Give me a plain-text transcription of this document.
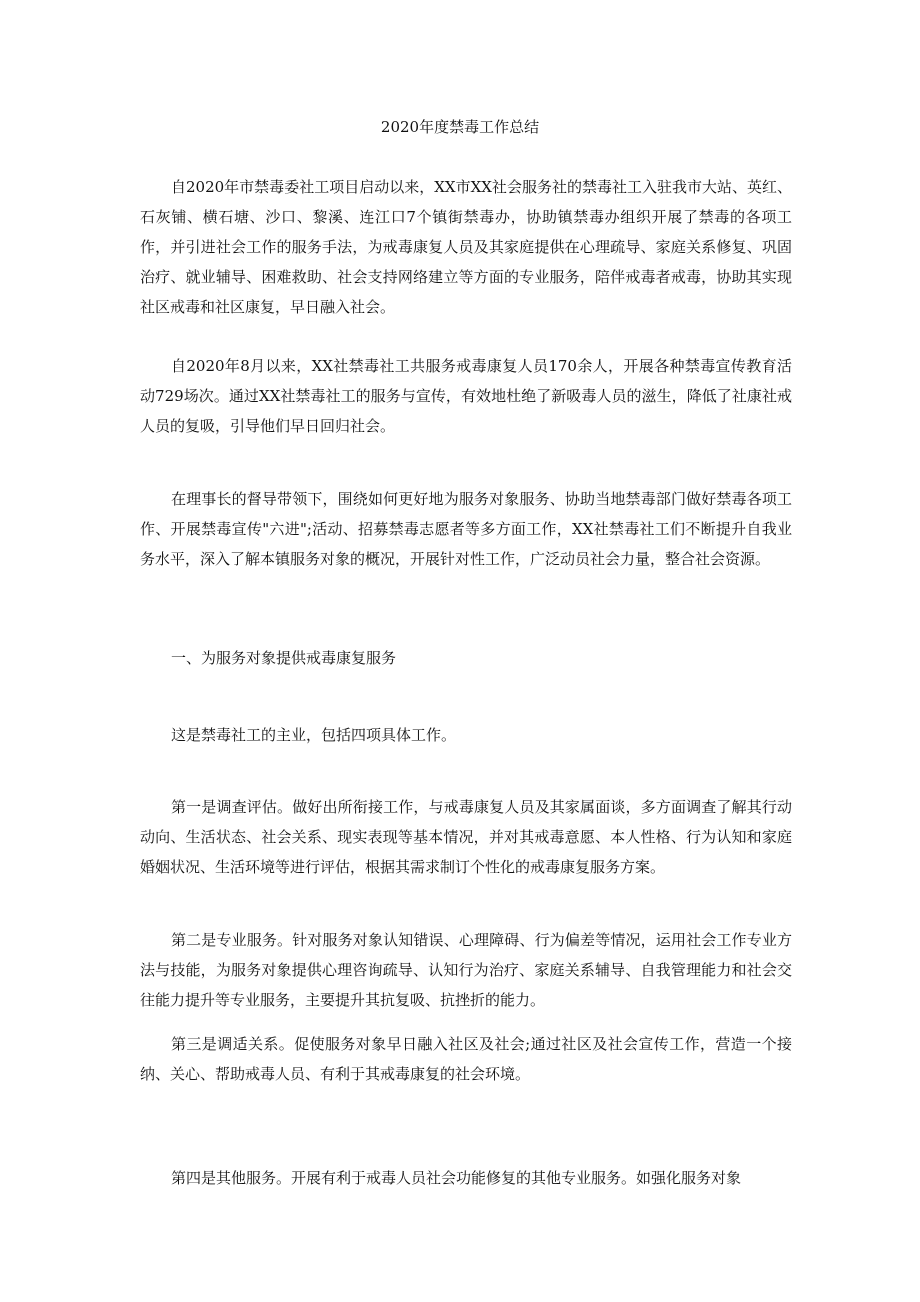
2020年度禁毒工作总结

自2020年市禁毒委社工项目启动以来，XX市XX社会服务社的禁毒社工入驻我市大站、英红、石灰铺、横石塘、沙口、黎溪、连江口7个镇街禁毒办，协助镇禁毒办组织开展了禁毒的各项工作，并引进社会工作的服务手法，为戒毒康复人员及其家庭提供在心理疏导、家庭关系修复、巩固治疗、就业辅导、困难救助、社会支持网络建立等方面的专业服务，陪伴戒毒者戒毒，协助其实现社区戒毒和社区康复，早日融入社会。

自2020年8月以来，XX社禁毒社工共服务戒毒康复人员170余人，开展各种禁毒宣传教育活动729场次。通过XX社禁毒社工的服务与宣传，有效地杜绝了新吸毒人员的滋生，降低了社康社戒人员的复吸，引导他们早日回归社会。

在理事长的督导带领下，围绕如何更好地为服务对象服务、协助当地禁毒部门做好禁毒各项工作、开展禁毒宣传"六进";活动、招募禁毒志愿者等多方面工作，XX社禁毒社工们不断提升自我业务水平，深入了解本镇服务对象的概况，开展针对性工作，广泛动员社会力量，整合社会资源。

一、为服务对象提供戒毒康复服务

这是禁毒社工的主业，包括四项具体工作。

第一是调查评估。做好出所衔接工作，与戒毒康复人员及其家属面谈，多方面调查了解其行动动向、生活状态、社会关系、现实表现等基本情况，并对其戒毒意愿、本人性格、行为认知和家庭婚姻状况、生活环境等进行评估，根据其需求制订个性化的戒毒康复服务方案。

第二是专业服务。针对服务对象认知错误、心理障碍、行为偏差等情况，运用社会工作专业方法与技能，为服务对象提供心理咨询疏导、认知行为治疗、家庭关系辅导、自我管理能力和社会交往能力提升等专业服务，主要提升其抗复吸、抗挫折的能力。

第三是调适关系。促使服务对象早日融入社区及社会;通过社区及社会宣传工作，营造一个接纳、关心、帮助戒毒人员、有利于其戒毒康复的社会环境。

第四是其他服务。开展有利于戒毒人员社会功能修复的其他专业服务。如强化服务对象
